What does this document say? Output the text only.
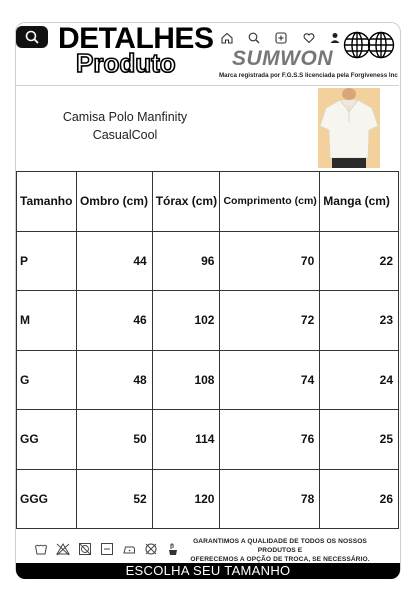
DETALHES
Produto	SUMWON
Marca registrada por F.G.S.S licenciada pela Forgiveness Inc
Camisa Polo Manfinity
CasualCool
Tamanho	Ombro (cm)	Tórax (cm)	Comprimento (cm)	Manga (cm)
P	44	96	70	22
M	46	102	72	23
G	48	108	74	24
GG	50	114	76	25
GGG	52	120	78	26
GARANTIMOS A QUALIDADE DE TODOS OS NOSSOS PRODUTOS E
OFERECEMOS A OPÇÃO DE TROCA, SE NECESSÁRIO.
ESCOLHA SEU TAMANHO
